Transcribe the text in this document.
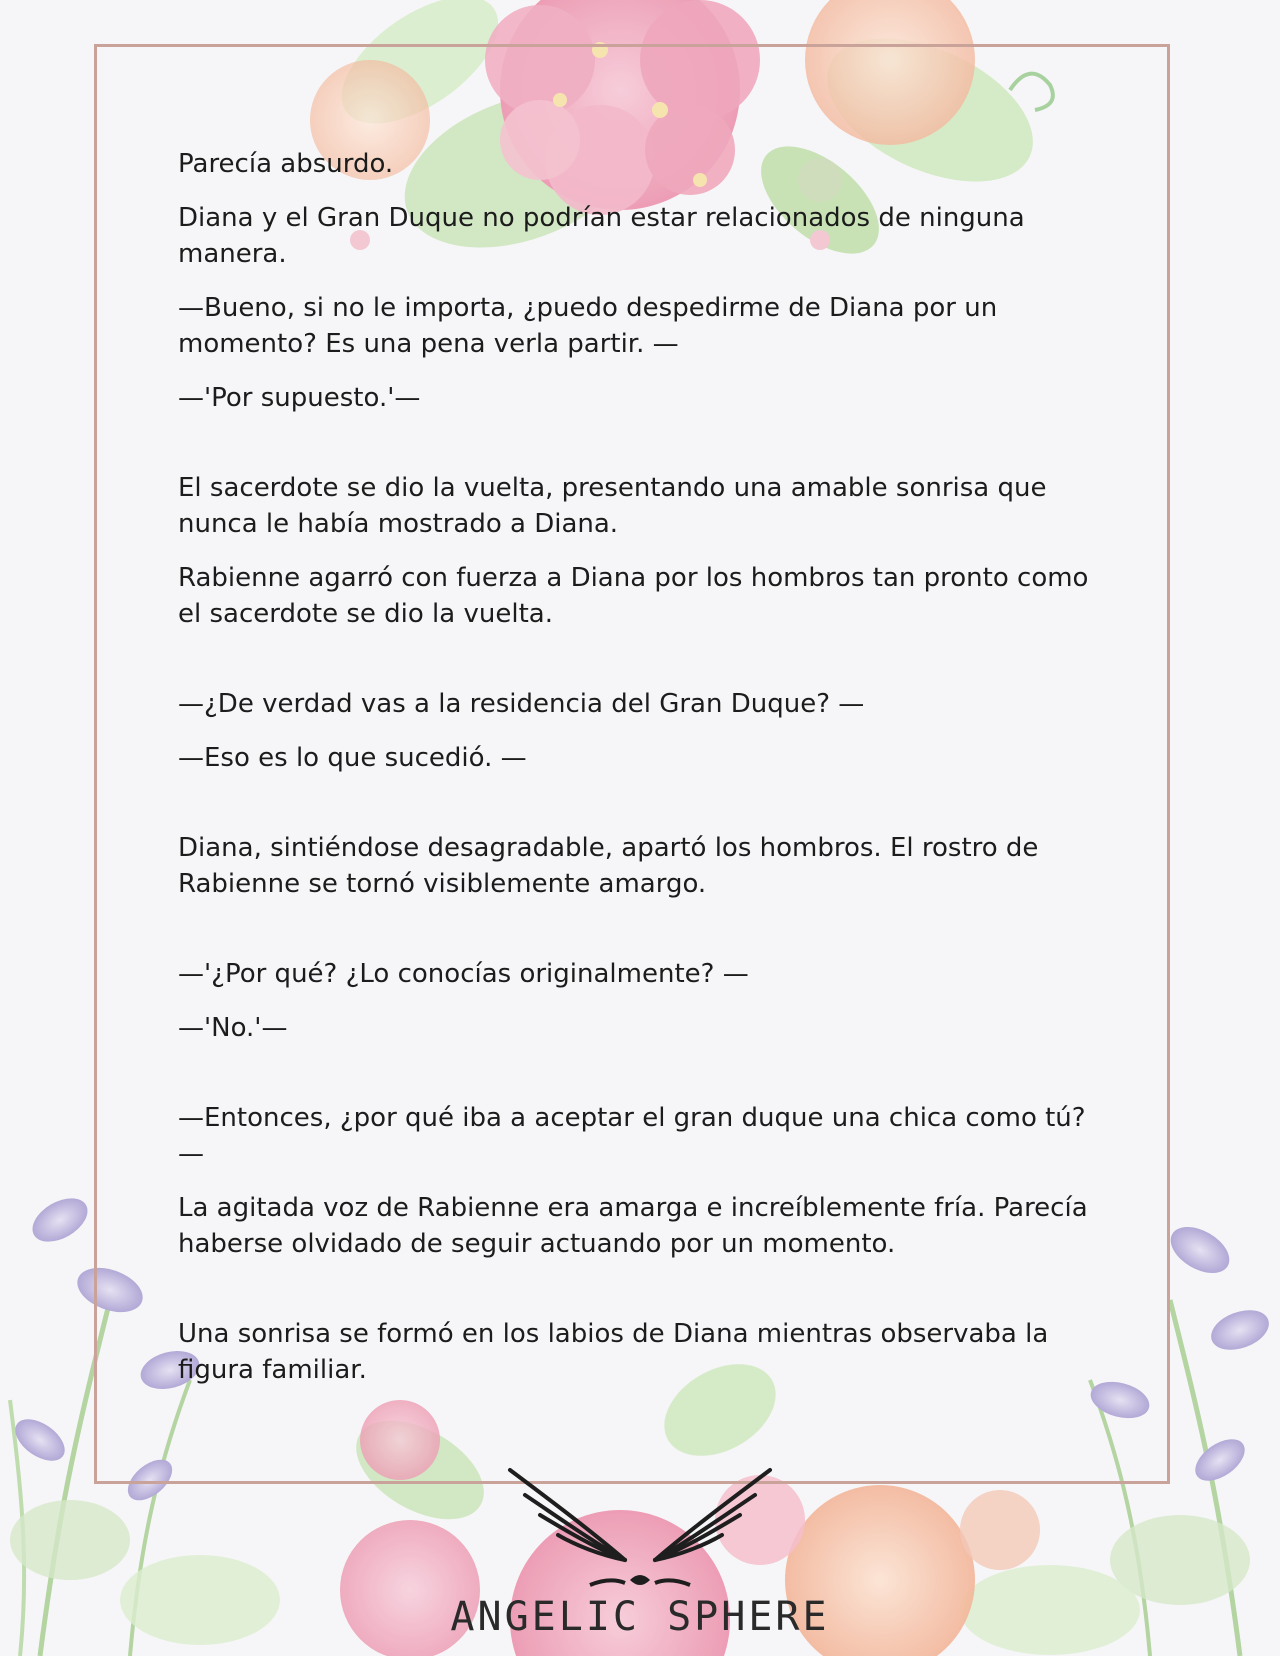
Parecía absurdo.

Diana y el Gran Duque no podrían estar relacionados de ninguna manera.

—Bueno, si no le importa, ¿puedo despedirme de Diana por un momento? Es una pena verla partir. —

—'Por supuesto.'—

El sacerdote se dio la vuelta, presentando una amable sonrisa que nunca le había mostrado a Diana.

Rabienne agarró con fuerza a Diana por los hombros tan pronto como el sacerdote se dio la vuelta.

—¿De verdad vas a la residencia del Gran Duque? —

—Eso es lo que sucedió. —

Diana, sintiéndose desagradable, apartó los hombros. El rostro de Rabienne se tornó visiblemente amargo.

—'¿Por qué? ¿Lo conocías originalmente? —

—'No.'—

—Entonces, ¿por qué iba a aceptar el gran duque una chica como tú? —

La agitada voz de Rabienne era amarga e increíblemente fría. Parecía haberse olvidado de seguir actuando por un momento.

Una sonrisa se formó en los labios de Diana mientras observaba la figura familiar.

ANGELIC SPHERE
